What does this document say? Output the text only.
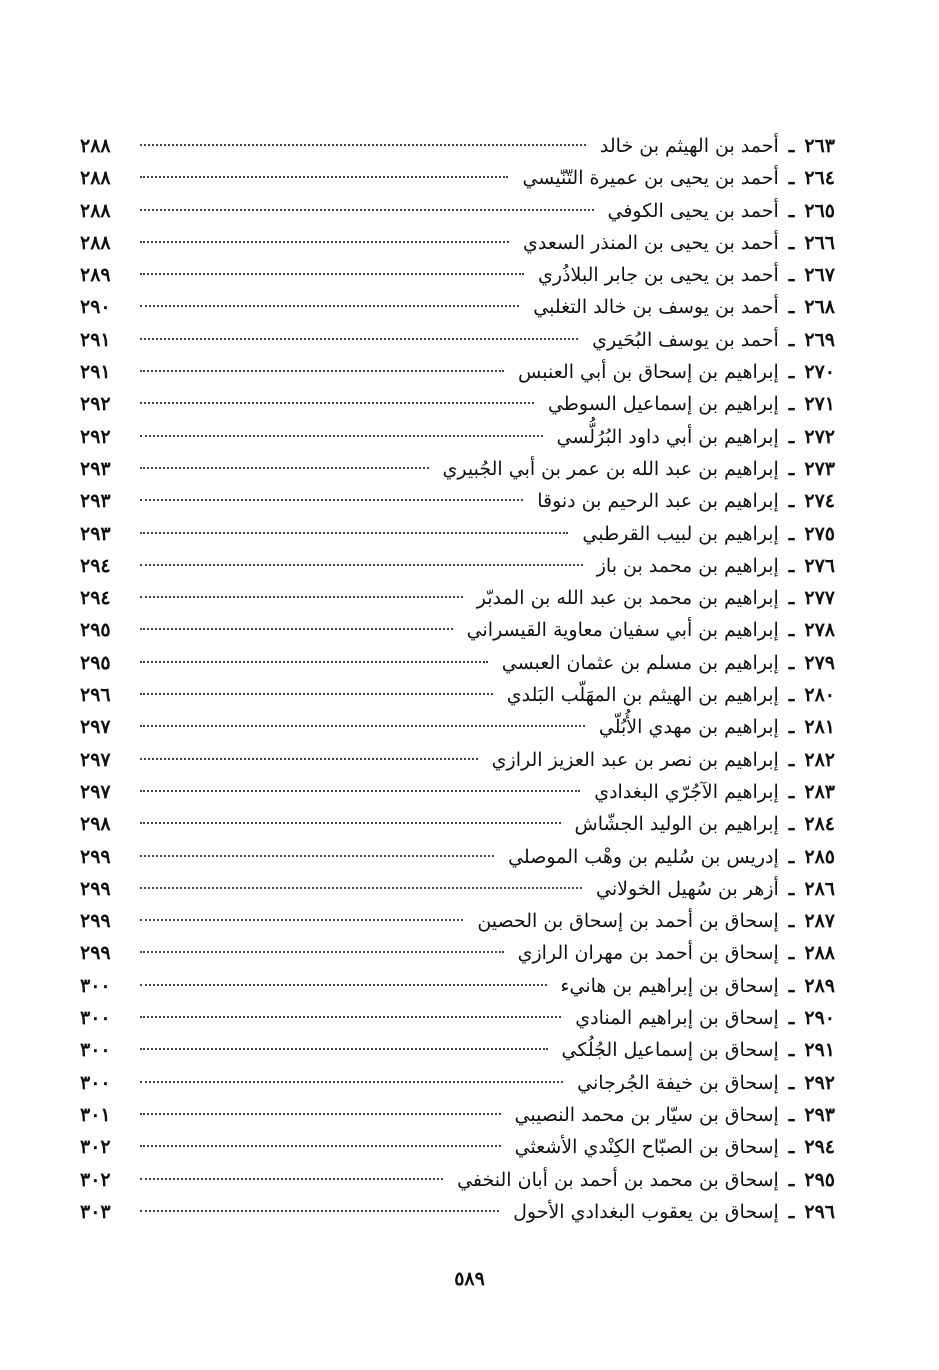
٢٦٣
ـ
أحمد بن الهيثم بن خالد
٢٨٨
٢٦٤
ـ
أحمد بن يحيى بن عميرة التّنّيسي
٢٨٨
٢٦٥
ـ
أحمد بن يحيى الكوفي
٢٨٨
٢٦٦
ـ
أحمد بن يحيى بن المنذر السعدي
٢٨٨
٢٦٧
ـ
أحمد بن يحيى بن جابر البلاذُري
٢٨٩
٢٦٨
ـ
أحمد بن يوسف بن خالد التغلبي
٢٩٠
٢٦٩
ـ
أحمد بن يوسف البُحَيري
٢٩١
٢٧٠
ـ
إبراهيم بن إسحاق بن أبي العنبس
٢٩١
٢٧١
ـ
إبراهيم بن إسماعيل السوطي
٢٩٢
٢٧٢
ـ
إبراهيم بن أبي داود البُرُلُّسي
٢٩٢
٢٧٣
ـ
إبراهيم بن عبد الله بن عمر بن أبي الجُبيري
٢٩٣
٢٧٤
ـ
إبراهيم بن عبد الرحيم بن دنوقا
٢٩٣
٢٧٥
ـ
إبراهيم بن لبيب القرطبي
٢٩٣
٢٧٦
ـ
إبراهيم بن محمد بن باز
٢٩٤
٢٧٧
ـ
إبراهيم بن محمد بن عبد الله بن المدبّر
٢٩٤
٢٧٨
ـ
إبراهيم بن أبي سفيان معاوية القيسراني
٢٩٥
٢٧٩
ـ
إبراهيم بن مسلم بن عثمان العبسي
٢٩٥
٢٨٠
ـ
إبراهيم بن الهيثم بن المهَلّب البَلدي
٢٩٦
٢٨١
ـ
إبراهيم بن مهدي الأُبُلّي
٢٩٧
٢٨٢
ـ
إبراهيم بن نصر بن عبد العزيز الرازي
٢٩٧
٢٨٣
ـ
إبراهيم الآجُرّي البغدادي
٢٩٧
٢٨٤
ـ
إبراهيم بن الوليد الجشّاش
٢٩٨
٢٨٥
ـ
إدريس بن سُليم بن وهْب الموصلي
٢٩٩
٢٨٦
ـ
أزهر بن سُهيل الخولاني
٢٩٩
٢٨٧
ـ
إسحاق بن أحمد بن إسحاق بن الحصين
٢٩٩
٢٨٨
ـ
إسحاق بن أحمد بن مهران الرازي
٢٩٩
٢٨٩
ـ
إسحاق بن إبراهيم بن هانيء
٣٠٠
٢٩٠
ـ
إسحاق بن إبراهيم المنادي
٣٠٠
٢٩١
ـ
إسحاق بن إسماعيل الجُلُكي
٣٠٠
٢٩٢
ـ
إسحاق بن خيفة الجُرجاني
٣٠٠
٢٩٣
ـ
إسحاق بن سيّار بن محمد النصيبي
٣٠١
٢٩٤
ـ
إسحاق بن الصبّاح الكِنْدي الأشعثي
٣٠٢
٢٩٥
ـ
إسحاق بن محمد بن أحمد بن أبان النخفي
٣٠٢
٢٩٦
ـ
إسحاق بن يعقوب البغدادي الأحول
٣٠٣
٥٨٩
